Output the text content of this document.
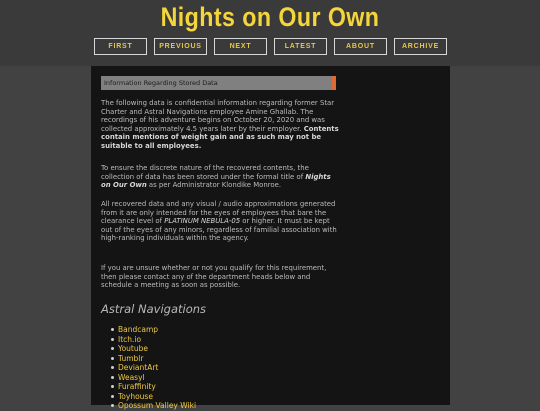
Nights on Our Own
FIRST	PREVIOUS	NEXT	LATEST	ABOUT	ARCHIVE
Information Regarding Stored Data
The following data is confidential information regarding former Star Charter and Astral Navigations employee Amine Ghallab. The recordings of his adventure begins on October 20, 2020 and was collected approximately 4.5 years later by their employer. Contents contain mentions of weight gain and as such may not be suitable to all employees.
To ensure the discrete nature of the recovered contents, the collection of data has been stored under the formal title of Nights on Our Own as per Administrator Klondike Monroe.
All recovered data and any visual / audio approximations generated from it are only intended for the eyes of employees that bare the clearance level of PLATINUM NEBULA-05 or higher. It must be kept out of the eyes of any minors, regardless of familial association with high-ranking individuals within the agency.
If you are unsure whether or not you qualify for this requirement, then please contact any of the department heads below and schedule a meeting as soon as possible.
Astral Navigations
Bandcamp
Itch.io
Youtube
Tumblr
DeviantArt
Weasyl
Furaffinity
Toyhouse
Opossum Valley Wiki
